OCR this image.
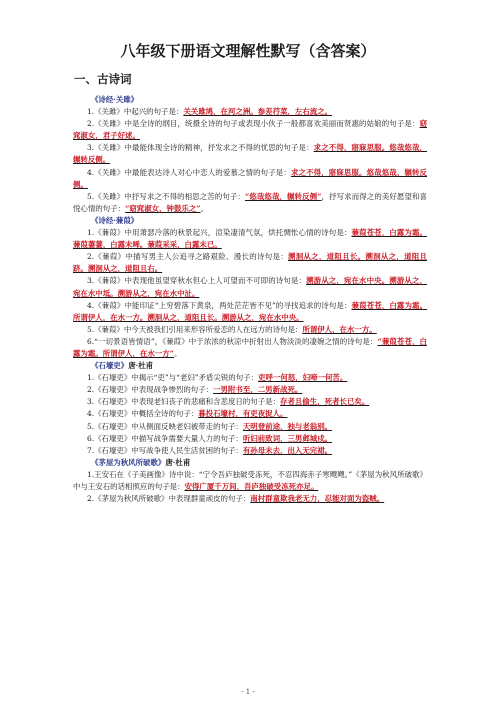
八年级下册语文理解性默写（含答案）
一、古诗词

《诗经·关雎》

1.《关雎》中起兴的句子是：关关雎鸠，在河之洲。参差荇菜，左右流之。

2.《关雎》中是全诗的纲目，统摄全诗的句子或表现小伙子一般都喜欢美丽而贤惠的姑娘的句子是：窈窕淑女，君子好逑。

3.《关雎》中最能体现全诗的精神，抒发求之不得的忧思的句子是：求之不得，寤寐思服。悠哉悠哉，辗转反侧。

4.《关雎》中最能表达诗人对心中恋人的爱慕之情的句子是：求之不得，寤寐思服。悠哉悠哉，辗转反侧。

5.《关雎》中抒写求之不得的相思之苦的句子：“悠哉悠哉，辗转反侧”，抒写求而得之的美好愿望和喜悦心情的句子：“窈窕淑女，钟鼓乐之”。

《诗经·蒹葭》

1.《蒹葭》中用萧瑟冷落的秋景起兴，渲染凄清气氛，烘托惆怅心情的诗句是：蒹葭苍苍，白露为霜。蒹葭萋萋，白露未晞。蒹葭采采，白露未已。

2.《蒹葭》中描写男主人公追寻之路艰险、漫长的诗句是：溯洄从之，道阻且长。溯洄从之，道阻且跻。溯洄从之，道阻且右。

3.《蒹葭》中表现他虽望穿秋水但心上人可望而不可即的诗句是：溯游从之，宛在水中央。溯游从之，宛在水中坻。溯游从之，宛在水中沚。

4.《蒹葭》中能印证“上穷碧落下黄泉，两处茫茫皆不见”的寻找追求的诗句是：蒹葭苍苍，白露为霜。所谓伊人，在水一方。溯洄从之，道阻且长。溯游从之，宛在水中央。

5.《蒹葭》中今天被我们引用来形容所爱恋的人在远方的诗句是：所谓伊人，在水一方。

6.“一切景语皆情语”，《蒹葭》中于浓浓的秋凉中折射出人物淡淡的凄婉之情的诗句是：“蒹葭苍苍，白露为霜。所谓伊人，在水一方”。

《石壕吏》唐·杜甫

1.《石壕吏》中揭示“吏”与“老妇”矛盾尖锐的句子：吏呼一何怒，妇啼一何苦。

2.《石壕吏》中表现战争惨烈的句子：一男附书至，二男新战死。

3.《石壕吏》中表现老妇丧子的悲痛和含悲度日的句子是：存者且偷生，死者长已矣。

4.《石壕吏》中概括全诗的句子：暮投石壕村，有吏夜捉人。

5.《石壕吏》中从侧面反映老妇被带走的句子：天明登前途，独与老翁别。

6.《石壕吏》中描写战争需要大量人力的句子：听妇前致词，三男邺城戍。

7.《石壕吏》中写战争使人民生活贫困的句子：有孙母未去，出入无完裙。

《茅屋为秋风所破歌》唐·杜甫

1.王安石在《子美画像》诗中说：“宁令吾庐独破受冻死，不忍四海赤子寒飕飕。”《茅屋为秋风所破歌》中与王安石的话相照应的句子是：安得广厦千万间，吾庐独破受冻死亦足。

2.《茅屋为秋风所破歌》中表现群童顽皮的句子：南村群童欺我老无力，忍能对面为盗贼。

- 1 -
